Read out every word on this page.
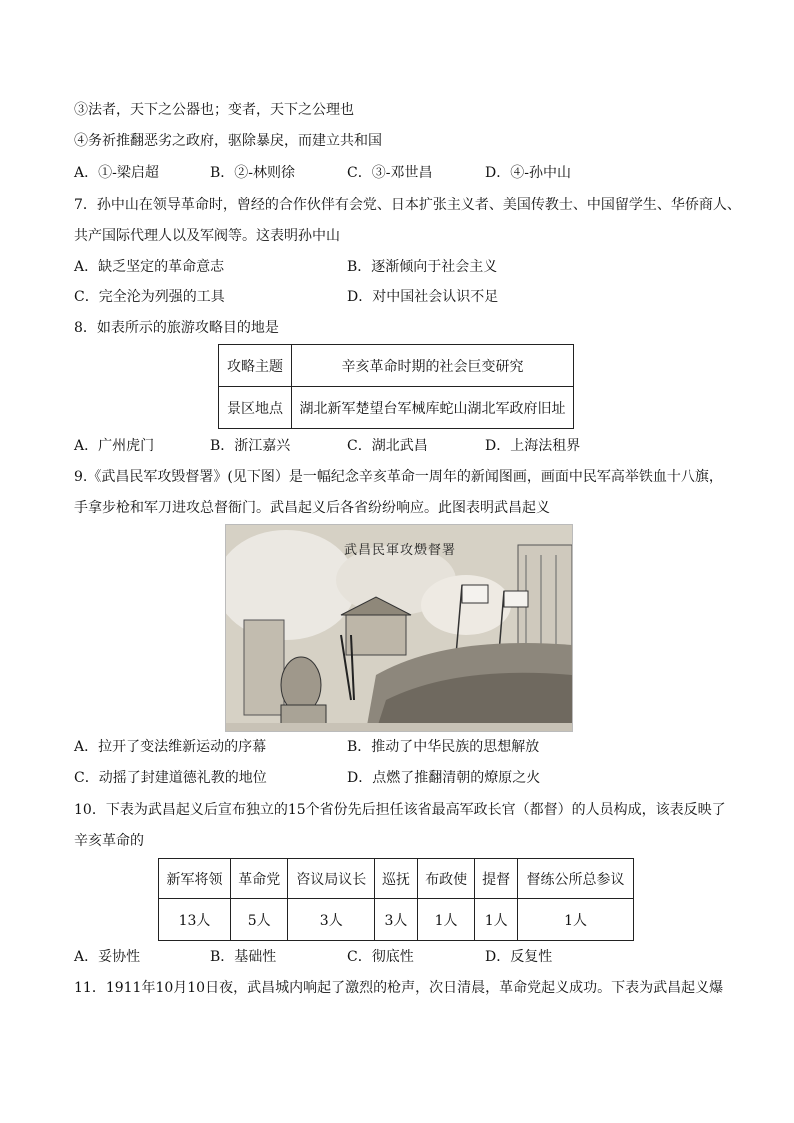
③法者，天下之公器也；变者，天下之公理也
④务祈推翻恶劣之政府，驱除暴戾，而建立共和国
A．①-梁启超	B．②-林则徐	C．③-邓世昌	D．④-孙中山
7．孙中山在领导革命时，曾经的合作伙伴有会党、日本扩张主义者、美国传教士、中国留学生、华侨商人、
共产国际代理人以及军阀等。这表明孙中山
A．缺乏坚定的革命意志	B．逐渐倾向于社会主义
C．完全沦为列强的工具	D．对中国社会认识不足
8．如表所示的旅游攻略目的地是
攻略主题	辛亥革命时期的社会巨变研究
景区地点	湖北新军楚望台军械库蛇山湖北军政府旧址
A．广州虎门	B．浙江嘉兴	C．湖北武昌	D．上海法租界
9.《武昌民军攻毁督署》(见下图）是一幅纪念辛亥革命一周年的新闻图画，画面中民军高举铁血十八旗，
手拿步枪和军刀进攻总督衙门。武昌起义后各省纷纷响应。此图表明武昌起义
武昌民軍攻燬督署
A．拉开了变法维新运动的序幕	B．推动了中华民族的思想解放
C．动摇了封建道德礼教的地位	D．点燃了推翻清朝的燎原之火
10．下表为武昌起义后宣布独立的15个省份先后担任该省最高军政长官（都督）的人员构成，该表反映了
辛亥革命的
新军将领	革命党	咨议局议长	巡抚	布政使	提督	督练公所总参议
13人	5人	3人	3人	1人	1人	1人
A．妥协性	B．基础性	C．彻底性	D．反复性
11．1911年10月10日夜，武昌城内响起了激烈的枪声，次日清晨，革命党起义成功。下表为武昌起义爆
